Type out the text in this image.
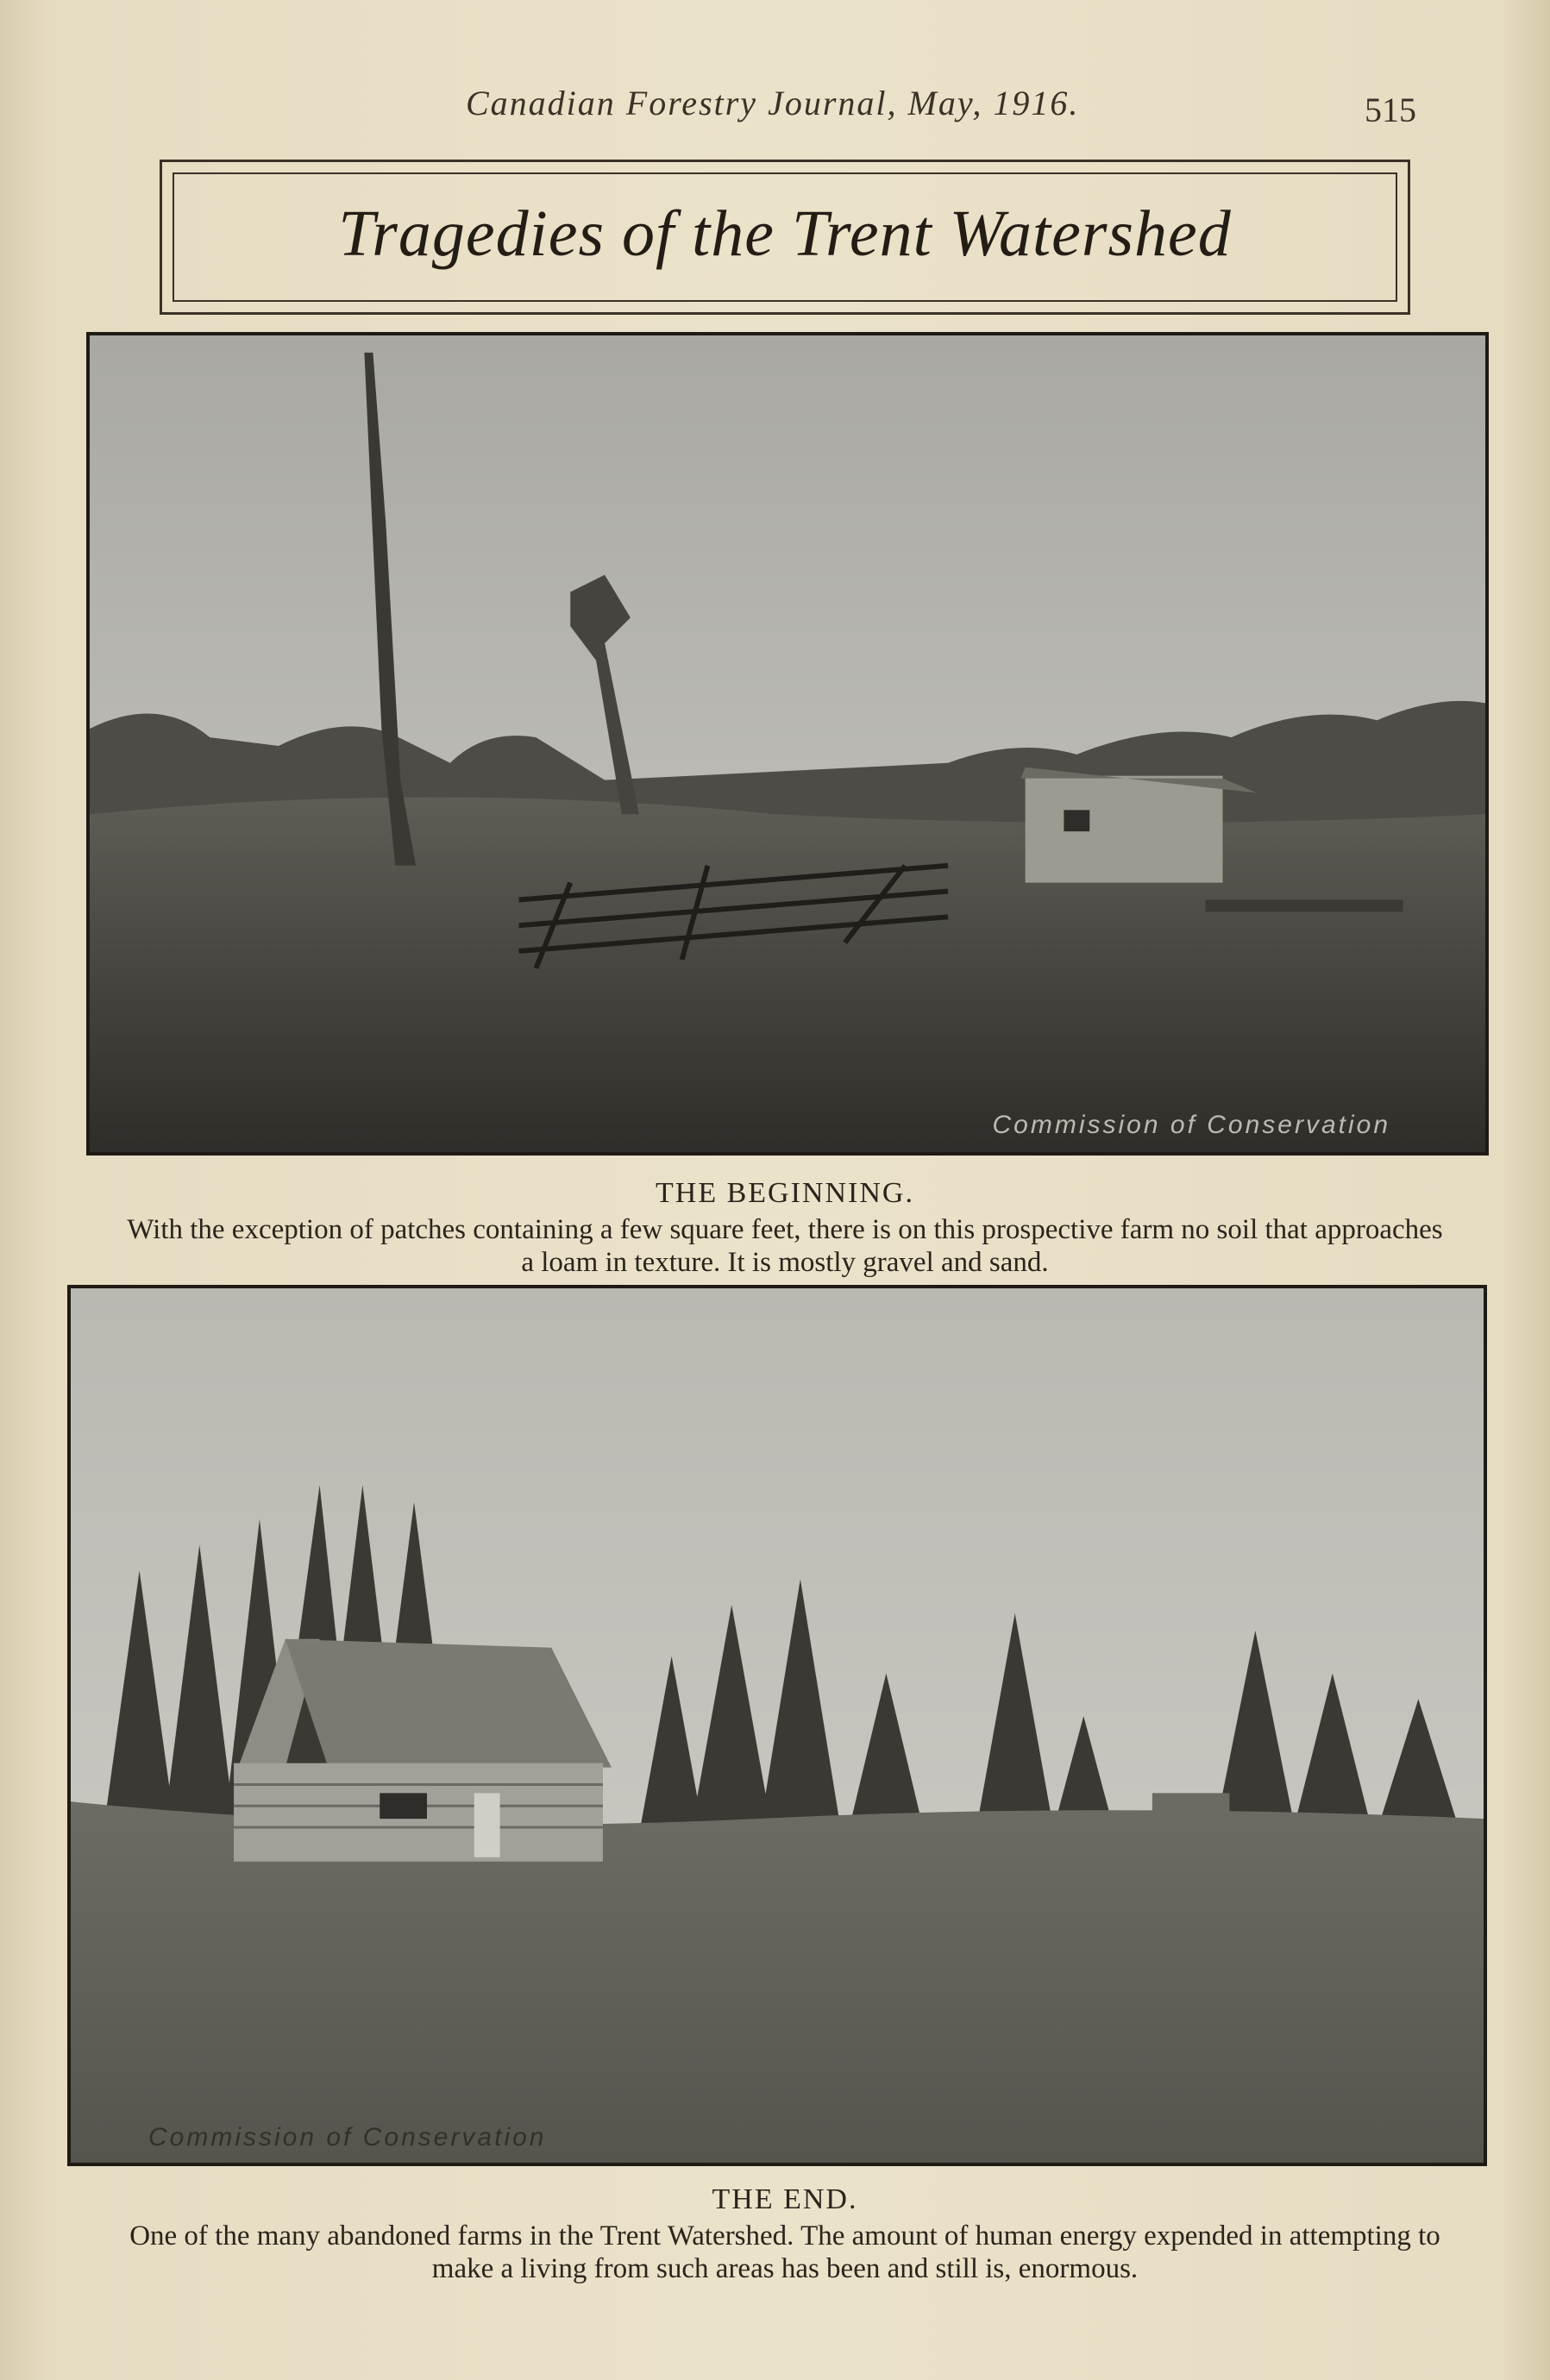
Canadian Forestry Journal, May, 1916.	515
Tragedies of the Trent Watershed
Commission of Conservation
THE BEGINNING.
With the exception of patches containing a few square feet, there is on this prospective farm no soil that approaches a loam in texture. It is mostly gravel and sand.
Commission of Conservation
THE END.
One of the many abandoned farms in the Trent Watershed. The amount of human energy expended in attempting to make a living from such areas has been and still is, enormous.
